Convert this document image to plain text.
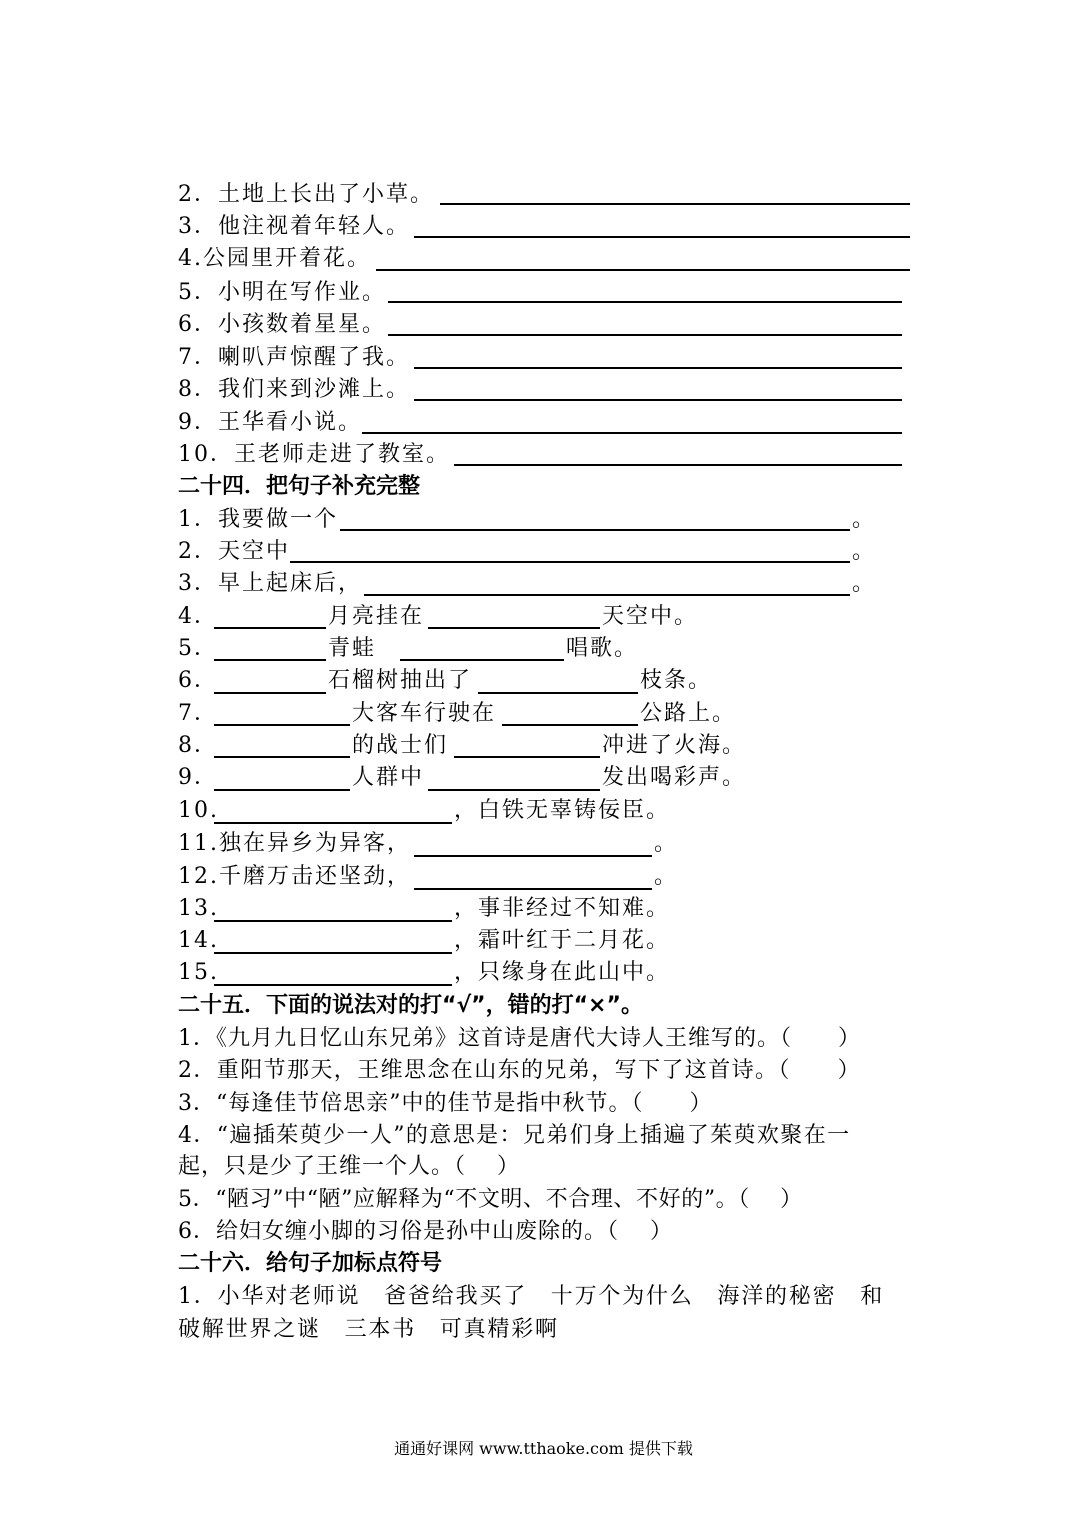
2．土地上长出了小草。
3．他注视着年轻人。
4.公园里开着花。
5．小明在写作业。
6．小孩数着星星。
7．喇叭声惊醒了我。
8．我们来到沙滩上。
9．王华看小说。
10．王老师走进了教室。
二十四．把句子补充完整
1．我要做一个	。
2．天空中	。
3．早上起床后，	。
4．	月亮挂在	天空中。
5．	青蛙	唱歌。
6．	石榴树抽出了	枝条。
7．	大客车行驶在	公路上。
8．	的战士们	冲进了火海。
9．	人群中	发出喝彩声。
10.	，白铁无辜铸佞臣。
11.独在异乡为异客，	。
12.千磨万击还坚劲，	。
13.	，事非经过不知难。
14.	，霜叶红于二月花。
15.	，只缘身在此山中。
二十五．下面的说法对的打“√”，错的打“×”。
1．《九月九日忆山东兄弟》这首诗是唐代大诗人王维写的。（　　）
2．重阳节那天，王维思念在山东的兄弟，写下了这首诗。（　　）
3．“每逢佳节倍思亲”中的佳节是指中秋节。（　　）
4．“遍插茱萸少一人”的意思是：兄弟们身上插遍了茱萸欢聚在一
起，只是少了王维一个人。（　 ）
5．“陋习”中“陋”应解释为“不文明、不合理、不好的”。（　 ）
6．给妇女缠小脚的习俗是孙中山废除的。（　 ）
二十六．给句子加标点符号
1．小华对老师说　爸爸给我买了　十万个为什么　海洋的秘密　和
破解世界之谜　三本书　可真精彩啊
通通好课网 www.tthaoke.com 提供下载
